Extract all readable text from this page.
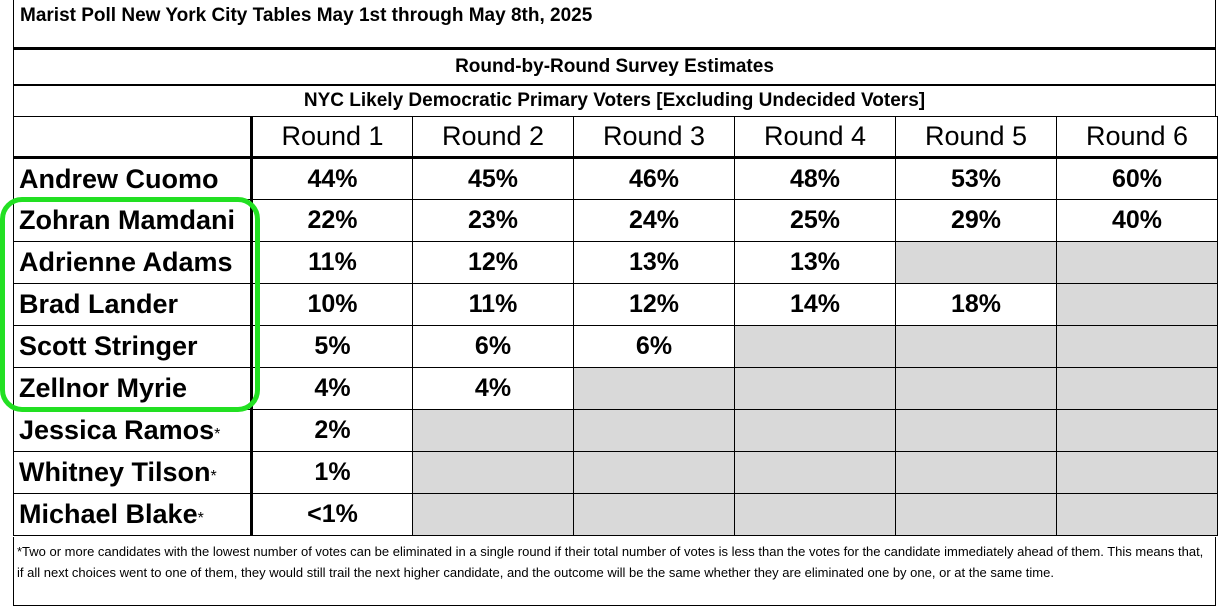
Marist Poll New York City Tables May 1st through May 8th, 2025
Round-by-Round Survey Estimates
NYC Likely Democratic Primary Voters [Excluding Undecided Voters]
	Round 1	Round 2	Round 3	Round 4	Round 5	Round 6
Andrew Cuomo	44%	45%	46%	48%	53%	60%
Zohran Mamdani	22%	23%	24%	25%	29%	40%
Adrienne Adams	11%	12%	13%	13%		
Brad Lander	10%	11%	12%	14%	18%	
Scott Stringer	5%	6%	6%			
Zellnor Myrie	4%	4%				
Jessica Ramos*	2%					
Whitney Tilson*	1%					
Michael Blake*	<1%					
*Two or more candidates with the lowest number of votes can be eliminated in a single round if their total number of votes is less than the votes for the candidate immediately ahead of them. This means that, if all next choices went to one of them, they would still trail the next higher candidate, and the outcome will be the same whether they are eliminated one by one, or at the same time.
